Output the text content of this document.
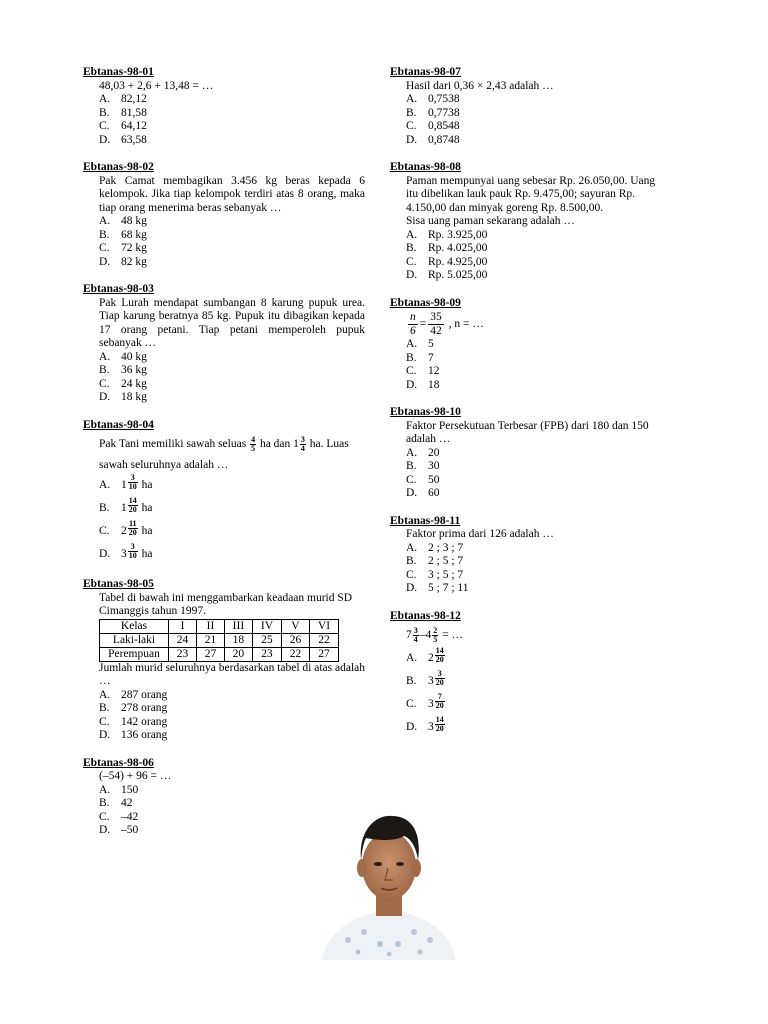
Ebtanas-98-01
48,03 + 2,6 + 13,48 = …
A. 82,12
B. 81,58
C. 64,12
D. 63,58
Ebtanas-98-02
Pak Camat membagikan 3.456 kg beras kepada 6 kelompok. Jika tiap kelompok terdiri atas 8 orang, maka tiap orang menerima beras sebanyak …
A. 48 kg
B. 68 kg
C. 72 kg
D. 82 kg
Ebtanas-98-03
Pak Lurah mendapat sumbangan 8 karung pupuk urea. Tiap karung beratnya 85 kg. Pupuk itu dibagikan kepada 17 orang petani. Tiap petani memperoleh pupuk sebanyak …
A. 40 kg
B. 36 kg
C. 24 kg
D. 18 kg
Ebtanas-98-04
Pak Tani memiliki sawah seluas $\frac{4}{5}$ ha dan $1 \frac{3}{4}$ ha. Luas
sawah seluruhnya adalah …
A. $1 \frac{3}{10}$
ha
B. $1 \frac{14}{20}$
ha
C. $2 \frac{11}{20}$
ha
D. $3 \frac{3}{10}$
ha
Ebtanas-98-05
Tabel di bawah ini menggambarkan keadaan murid SD Cimanggis tahun 1997.
Kelas	I	II	III	IV	V	VI
Laki-laki	24	21	18	25	26	22
Perempuan	23	27	20	23	22	27
Jumlah murid seluruhnya berdasarkan tabel di atas adalah …
A. 287 orang
B. 278 orang
C. 142 orang
D. 136 orang
Ebtanas-98-06
(–54) + 96 = …
A. 150
B. 42
C. –42
D. –50
Ebtanas-98-07
Hasil dari 0,36 × 2,43 adalah …
A. 0,7538
B. 0,7738
C. 0,8548
D. 0,8748
Ebtanas-98-08
Paman mempunyai uang sebesar Rp. 26.050,00. Uang itu dibelikan lauk pauk Rp. 9.475,00; sayuran Rp. 4.150,00 dan minyak goreng Rp. 8.500,00.
Sisa uang paman sekarang adalah …
A. Rp. 3.925,00
B. Rp. 4.025,00
C. Rp. 4.925,00
D. Rp. 5.025,00
Ebtanas-98-09
$\frac{n}{6} = \frac{35}{42}$ , n = …
A. 5
B. 7
C. 12
D. 18
Ebtanas-98-10
Faktor Persekutuan Terbesar (FPB) dari 180 dan 150 adalah …
A. 20
B. 30
C. 50
D. 60
Ebtanas-98-11
Faktor prima dari 126 adalah …
A. 2 ; 3 ; 7
B. 2 ; 5 ; 7
C. 3 ; 5 ; 7
D. 5 ; 7 ; 11
Ebtanas-98-12
$7 \frac{3}{4} -4 \frac{2}{5}$ = …
A. $2 \frac{14}{20}$
B. $3 \frac{3}{20}$
C. $3 \frac{7}{20}$
D. $3 \frac{14}{20}$
